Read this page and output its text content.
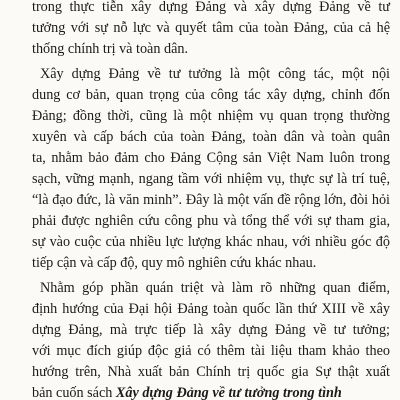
trong thực tiễn xây dựng Đảng và xây dựng Đảng về tư
tưởng với sự nỗ lực và quyết tâm của toàn Đảng, của cả hệ
thống chính trị và toàn dân.
Xây dựng Đảng về tư tưởng là một công tác, một nội
dung cơ bản, quan trọng của công tác xây dựng, chỉnh đốn
Đảng; đồng thời, cũng là một nhiệm vụ quan trọng thường
xuyên và cấp bách của toàn Đảng, toàn dân và toàn quân
ta, nhằm bảo đảm cho Đảng Cộng sản Việt Nam luôn trong
sạch, vững mạnh, ngang tầm với nhiệm vụ, thực sự là trí tuệ,
“là đạo đức, là văn minh”. Đây là một vấn đề rộng lớn, đòi hỏi
phải được nghiên cứu công phu và tổng thể với sự tham gia,
sự vào cuộc của nhiều lực lượng khác nhau, với nhiều góc độ
tiếp cận và cấp độ, quy mô nghiên cứu khác nhau.
Nhằm góp phần quán triệt và làm rõ những quan điểm,
định hướng của Đại hội Đảng toàn quốc lần thứ XIII về xây
dựng Đảng, mà trực tiếp là xây dựng Đảng về tư tưởng;
với mục đích giúp độc giả có thêm tài liệu tham khảo theo
hướng trên, Nhà xuất bản Chính trị quốc gia Sự thật xuất
bản cuốn sách Xây dựng Đảng về tư tưởng trong tình
